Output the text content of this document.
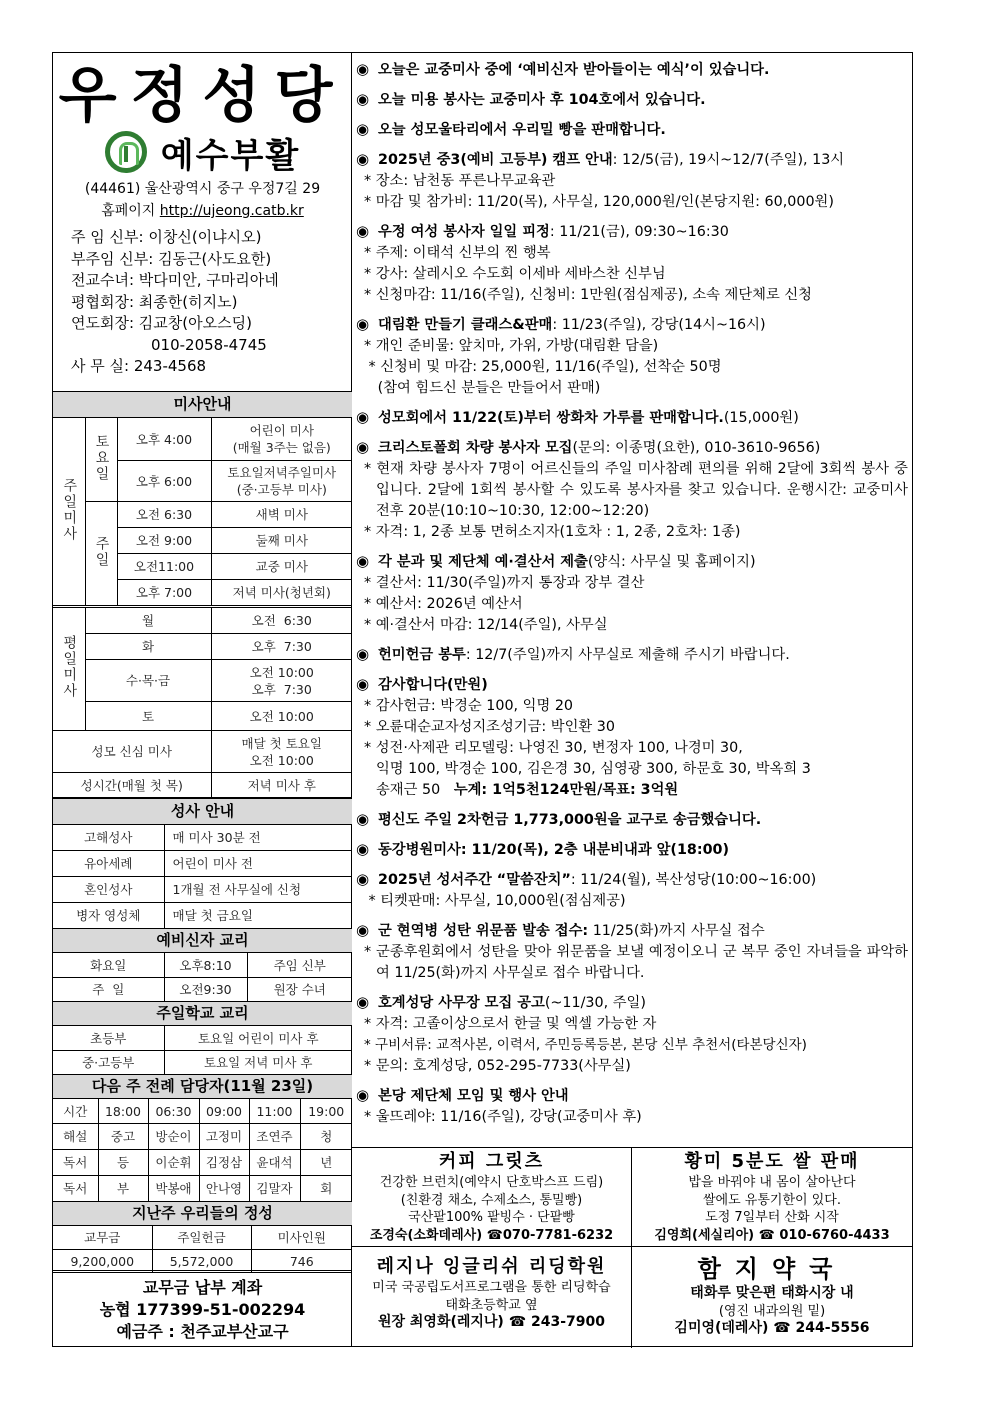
우정성당
예수부활
(44461) 울산광역시 중구 우정7길 29
홈페이지 http://ujeong.catb.kr
주 임 신부: 이창신(이냐시오)
부주임 신부: 김동근(사도요한)
전교수녀: 박다미안, 구마리아네
평협회장: 최종한(히지노)
연도회장: 김교창(아오스딩)
010-2058-4745
사 무 실: 243-4568
미사안내			
주일미사	토요일	오후 4:00	어린이 미사
(매월 3주는 없음)

		오후 6:00	토요일저녁주일미사
(중·고등부 미사)

	주일	오전 6:30	새벽 미사
		오전 9:00	둘째 미사
		오전11:00	교중 미사
		오후 7:00	저녁 미사(청년회)
평일미사	월	오전  6:30
	화	오후  7:30
	수·목·금	오전 10:00
오후  7:30

	토	오전 10:00
성모 신심 미사	매달 첫 토요일
오전 10:00

성시간(매월 첫 목)	저녁 미사 후
성사 안내	
고해성사	매 미사 30분 전
유아세례	어린이 미사 전
혼인성사	1개월 전 사무실에 신청
병자 영성체	매달 첫 금요일
예비신자 교리		
화요일	오후8:10	주임 신부
주  일	오전9:30	원장 수녀
주일학교 교리	
초등부	토요일 어린이 미사 후
중·고등부	토요일 저녁 미사 후
다음 주 전례 담당자(11월 23일)					
시간	18:00	06:30	09:00	11:00	19:00
해설	중고	방순이	고정미	조연주	청
독서	등	이순휘	김정삼	윤대석	년
독서	부	박봉애	안나영	김말자	회
지난주 우리들의 정성		
교무금	주일헌금	미사인원
9,200,000	5,572,000	746
교무금 납부 계좌
농협 177399-51-002294
예금주 : 천주교부산교구
◉ 오늘은 교중미사 중에 ‘예비신자 받아들이는 예식’이 있습니다.
◉ 오늘 미용 봉사는 교중미사 후 104호에서 있습니다.
◉ 오늘 성모울타리에서 우리밀 빵을 판매합니다.
◉ 2025년 중3(예비 고등부) 캠프 안내: 12/5(금), 19시~12/7(주일), 13시
* 장소: 남천동 푸른나무교육관
* 마감 및 참가비: 11/20(목), 사무실, 120,000원/인(본당지원: 60,000원)
◉ 우정 여성 봉사자 일일 피정: 11/21(금), 09:30~16:30
* 주제: 이태석 신부의 찐 행복
* 강사: 살레시오 수도회 이세바 세바스찬 신부님
* 신청마감: 11/16(주일), 신청비: 1만원(점심제공), 소속 제단체로 신청
◉ 대림환 만들기 클래스&판매: 11/23(주일), 강당(14시~16시)
* 개인 준비물: 앞치마, 가위, 가방(대림환 담을)
* 신청비 및 마감: 25,000원, 11/16(주일), 선착순 50명
(참여 힘드신 분들은 만들어서 판매)
◉ 성모회에서 11/22(토)부터 쌍화차 가루를 판매합니다.(15,000원)
◉ 크리스토폴회 차량 봉사자 모집(문의: 이종명(요한), 010-3610-9656)
* 현재 차량 봉사자 7명이 어르신들의 주일 미사참례 편의를 위해 2달에 3회씩 봉사 중입니다. 2달에 1회씩 봉사할 수 있도록 봉사자를 찾고 있습니다. 운행시간: 교중미사 전후 20분(10:10~10:30, 12:00~12:20)
* 자격: 1, 2종 보통 면허소지자(1호차 : 1, 2종, 2호차: 1종)
◉ 각 분과 및 제단체 예·결산서 제출(양식: 사무실 및 홈페이지)
* 결산서: 11/30(주일)까지 통장과 장부 결산
* 예산서: 2026년 예산서
* 예·결산서 마감: 12/14(주일), 사무실
◉ 헌미헌금 봉투: 12/7(주일)까지 사무실로 제출해 주시기 바랍니다.
◉ 감사합니다(만원)
* 감사헌금: 박경순 100, 익명 20
* 오륜대순교자성지조성기금: 박인환 30
* 성전·사제관 리모델링: 나영진 30, 변정자 100, 나경미 30,
익명 100, 박경순 100, 김은경 30, 심영광 300, 하문호 30, 박옥희 3
송재근 50   누계: 1억5천124만원/목표: 3억원
◉ 평신도 주일 2차헌금 1,773,000원을 교구로 송금했습니다.
◉ 동강병원미사: 11/20(목), 2층 내분비내과 앞(18:00)
◉ 2025년 성서주간 “말씀잔치”: 11/24(월), 복산성당(10:00~16:00)
* 티켓판매: 사무실, 10,000원(점심제공)
◉ 군 현역병 성탄 위문품 발송 접수: 11/25(화)까지 사무실 접수
* 군종후원회에서 성탄을 맞아 위문품을 보낼 예정이오니 군 복무 중인 자녀들을 파악하여 11/25(화)까지 사무실로 접수 바랍니다.
◉ 호계성당 사무장 모집 공고(~11/30, 주일)
* 자격: 고졸이상으로서 한글 및 엑셀 가능한 자
* 구비서류: 교적사본, 이력서, 주민등록등본, 본당 신부 추천서(타본당신자)
* 문의: 호계성당, 052-295-7733(사무실)
◉ 본당 제단체 모임 및 행사 안내
* 울뜨레야: 11/16(주일), 강당(교중미사 후)
커피 그릿츠
건강한 브런치(예약시 단호박스프 드림)
(친환경 채소, 수제소스, 통밀빵)
국산팥100% 팥빙수 · 단팥빵
조경숙(소화데레사) ☎070-7781-6232
황미 5분도 쌀 판매
밥을 바꿔야 내 몸이 살아난다
쌀에도 유통기한이 있다.
도정 7일부터 산화 시작
김영희(세실리아) ☎ 010-6760-4433
레지나 잉글리쉬 리딩학원
미국 국공립도서프로그램을 통한 리딩학습
태화초등학교 옆
원장 최영화(레지나) ☎ 243-7900
함지약국
태화루 맞은편 태화시장 내
(영진 내과의원 밑)
김미영(데레사) ☎ 244-5556
